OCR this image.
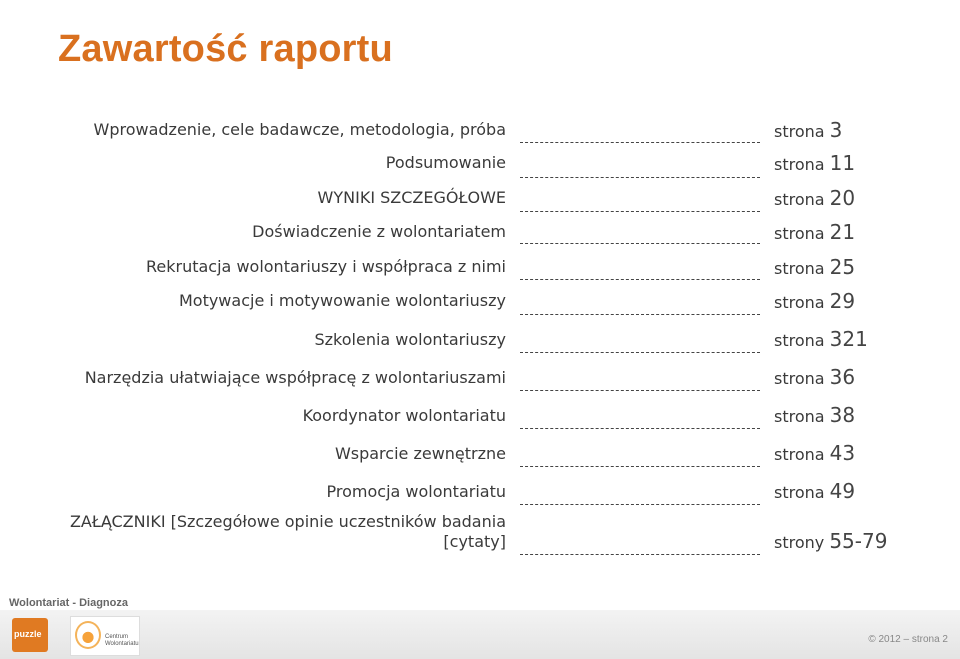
Zawartość raportu
Wprowadzenie, cele badawcze, metodologia, próba	strona 3
Podsumowanie	strona 11
WYNIKI SZCZEGÓŁOWE	strona 20
Doświadczenie z wolontariatem	strona 21
Rekrutacja wolontariuszy i współpraca z nimi	strona 25
Motywacje i motywowanie wolontariuszy	strona 29
Szkolenia wolontariuszy	strona 321
Narzędzia ułatwiające współpracę z wolontariuszami	strona 36
Koordynator wolontariatu	strona 38
Wsparcie zewnętrzne	strona 43
Promocja wolontariatu	strona 49
ZAŁĄCZNIKI [Szczegółowe opinie uczestników badania [cytaty]	strony 55-79
Wolontariat - Diagnoza
puzzle	Centrum Wolontariatu	© 2012 – strona 2
